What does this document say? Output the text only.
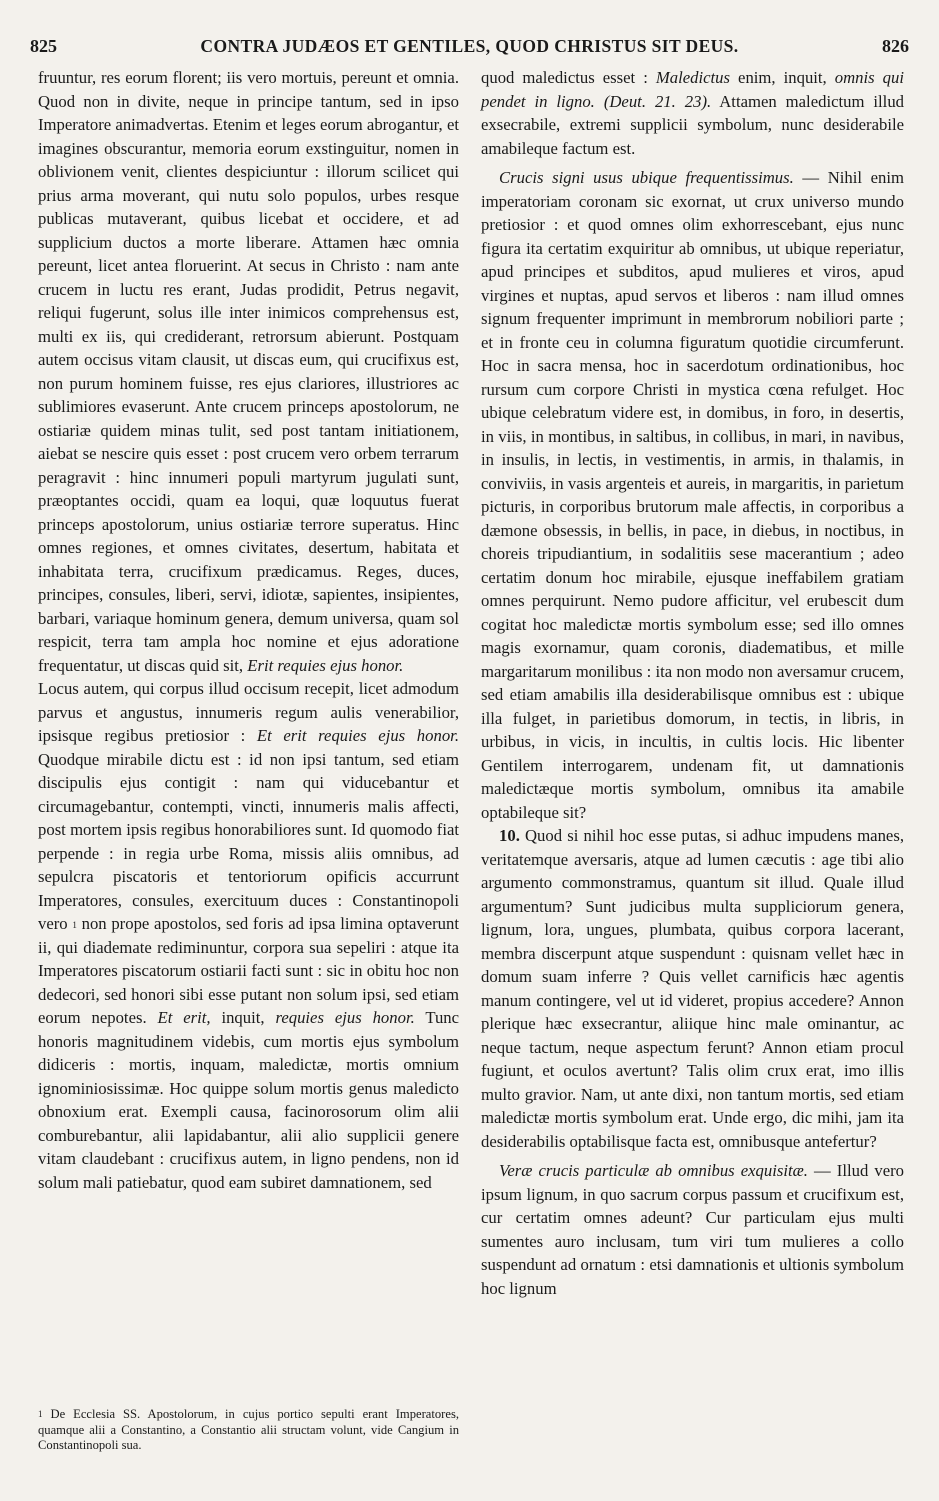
825	CONTRA JUDÆOS ET GENTILES, QUOD CHRISTUS SIT DEUS.	826

fruuntur, res eorum florent; iis vero mortuis, pereunt et omnia. Quod non in divite, neque in principe tantum, sed in ipso Imperatore animadvertas. Etenim et leges eorum abrogantur, et imagines obscurantur, memoria eorum exstinguitur, nomen in oblivionem venit, clientes despiciuntur : illorum scilicet qui prius arma moverant, qui nutu solo populos, urbes resque publicas mutaverant, quibus licebat et occidere, et ad supplicium ductos a morte liberare. Attamen hæc omnia pereunt, licet antea floruerint. At secus in Christo : nam ante crucem in luctu res erant, Judas prodidit, Petrus negavit, reliqui fugerunt, solus ille inter inimicos comprehensus est, multi ex iis, qui crediderant, retrorsum abierunt. Postquam autem occisus vitam clausit, ut discas eum, qui crucifixus est, non purum hominem fuisse, res ejus clariores, illustriores ac sublimiores evaserunt. Ante crucem princeps apostolorum, ne ostiariæ quidem minas tulit, sed post tantam initiationem, aiebat se nescire quis esset : post crucem vero orbem terrarum peragravit : hinc innumeri populi martyrum jugulati sunt, præoptantes occidi, quam ea loqui, quæ loquutus fuerat princeps apostolorum, unius ostiariæ terrore superatus. Hinc omnes regiones, et omnes civitates, desertum, habitata et inhabitata terra, crucifixum prædicamus. Reges, duces, principes, consules, liberi, servi, idiotæ, sapientes, insipientes, barbari, variaque hominum genera, demum universa, quam sol respicit, terra tam ampla hoc nomine et ejus adoratione frequentatur, ut discas quid sit, Erit requies ejus honor.

Locus autem, qui corpus illud occisum recepit, licet admodum parvus et angustus, innumeris regum aulis venerabilior, ipsisque regibus pretiosior : Et erit requies ejus honor. Quodque mirabile dictu est : id non ipsi tantum, sed etiam discipulis ejus contigit : nam qui viducebantur et circumagebantur, contempti, vincti, innumeris malis affecti, post mortem ipsis regibus honorabiliores sunt. Id quomodo fiat perpende : in regia urbe Roma, missis aliis omnibus, ad sepulcra piscatoris et tentoriorum opificis accurrunt Imperatores, consules, exercituum duces : Constantinopoli vero $^1$ non prope apostolos, sed foris ad ipsa limina optaverunt ii, qui diademate rediminuntur, corpora sua sepeliri : atque ita Imperatores piscatorum ostiarii facti sunt : sic in obitu hoc non dedecori, sed honori sibi esse putant non solum ipsi, sed etiam eorum nepotes. Et erit, inquit, requies ejus honor. Tunc honoris magnitudinem videbis, cum mortis ejus symbolum didiceris : mortis, inquam, maledictæ, mortis omnium ignominiosissimæ. Hoc quippe solum mortis genus maledicto obnoxium erat. Exempli causa, facinorosorum olim alii comburebantur, alii lapidabantur, alii alio supplicii genere vitam claudebant : crucifixus autem, in ligno pendens, non id solum mali patiebatur, quod eam subiret damnationem, sed

quod maledictus esset : Maledictus enim, inquit, omnis qui pendet in ligno. (Deut. 21. 23). Attamen maledictum illud exsecrabile, extremi supplicii symbolum, nunc desiderabile amabileque factum est.

Crucis signi usus ubique frequentissimus. — Nihil enim imperatoriam coronam sic exornat, ut crux universo mundo pretiosior : et quod omnes olim exhorrescebant, ejus nunc figura ita certatim exquiritur ab omnibus, ut ubique reperiatur, apud principes et subditos, apud mulieres et viros, apud virgines et nuptas, apud servos et liberos : nam illud omnes signum frequenter imprimunt in membrorum nobiliori parte ; et in fronte ceu in columna figuratum quotidie circumferunt. Hoc in sacra mensa, hoc in sacerdotum ordinationibus, hoc rursum cum corpore Christi in mystica cœna refulget. Hoc ubique celebratum videre est, in domibus, in foro, in desertis, in viis, in montibus, in saltibus, in collibus, in mari, in navibus, in insulis, in lectis, in vestimentis, in armis, in thalamis, in conviviis, in vasis argenteis et aureis, in margaritis, in parietum picturis, in corporibus brutorum male affectis, in corporibus a dæmone obsessis, in bellis, in pace, in diebus, in noctibus, in choreis tripudiantium, in sodalitiis sese macerantium ; adeo certatim donum hoc mirabile, ejusque ineffabilem gratiam omnes perquirunt. Nemo pudore afficitur, vel erubescit dum cogitat hoc maledictæ mortis symbolum esse; sed illo omnes magis exornamur, quam coronis, diadematibus, et mille margaritarum monilibus : ita non modo non aversamur crucem, sed etiam amabilis illa desiderabilisque omnibus est : ubique illa fulget, in parietibus domorum, in tectis, in libris, in urbibus, in vicis, in incultis, in cultis locis. Hic libenter Gentilem interrogarem, undenam fit, ut damnationis maledictæque mortis symbolum, omnibus ita amabile optabileque sit?

10. Quod si nihil hoc esse putas, si adhuc impudens manes, veritatemque aversaris, atque ad lumen cæcutis : age tibi alio argumento commonstramus, quantum sit illud. Quale illud argumentum? Sunt judicibus multa suppliciorum genera, lignum, lora, ungues, plumbata, quibus corpora lacerant, membra discerpunt atque suspendunt : quisnam vellet hæc in domum suam inferre ? Quis vellet carnificis hæc agentis manum contingere, vel ut id videret, propius accedere? Annon plerique hæc exsecrantur, aliique hinc male ominantur, ac neque tactum, neque aspectum ferunt? Annon etiam procul fugiunt, et oculos avertunt? Talis olim crux erat, imo illis multo gravior. Nam, ut ante dixi, non tantum mortis, sed etiam maledictæ mortis symbolum erat. Unde ergo, dic mihi, jam ita desiderabilis optabilisque facta est, omnibusque antefertur?

Veræ crucis particulæ ab omnibus exquisitæ. — Illud vero ipsum lignum, in quo sacrum corpus passum et crucifixum est, cur certatim omnes adeunt? Cur particulam ejus multi sumentes auro inclusam, tum viri tum mulieres a collo suspendunt ad ornatum : etsi damnationis et ultionis symbolum hoc lignum

$^1$ De Ecclesia SS. Apostolorum, in cujus portico sepulti erant Imperatores, quamque alii a Constantino, a Constantio alii structam volunt, vide Cangium in Constantinopoli sua.
